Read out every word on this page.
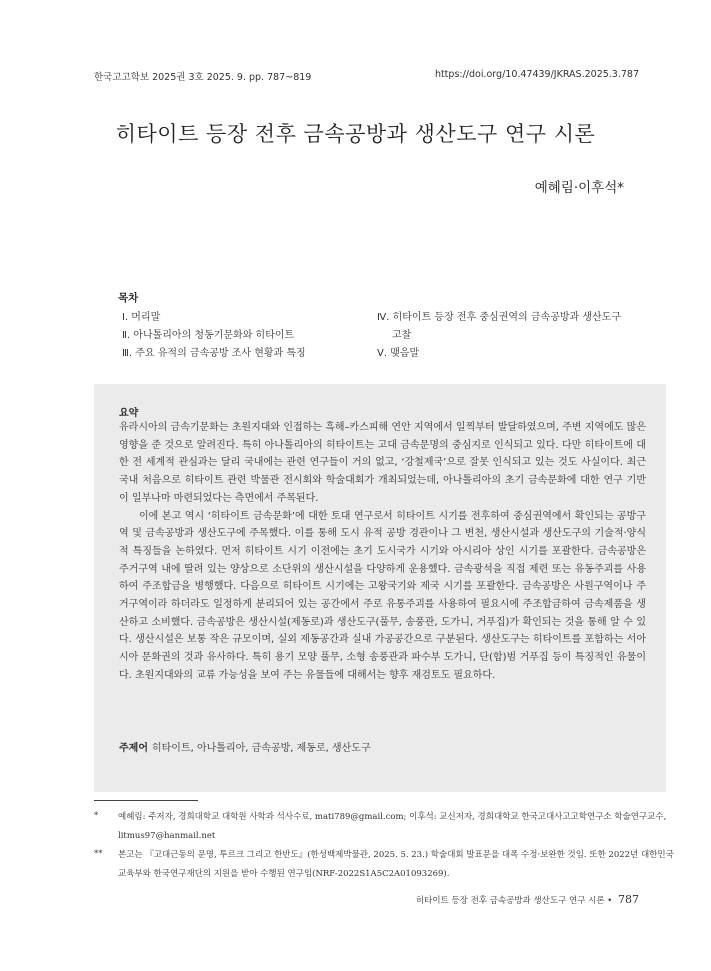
한국고고학보 2025권 3호 2025. 9. pp. 787~819	https://doi.org/10.47439/JKRAS.2025.3.787
히타이트 등장 전후 금속공방과 생산도구 연구 시론
예혜림·이후석*
목차
Ⅰ. 머리말
Ⅱ. 아나톨리아의 청동기문화와 히타이트
Ⅲ. 주요 유적의 금속공방 조사 현황과 특징
Ⅳ. 히타이트 등장 전후 중심권역의 금속공방과 생산도구
고찰
Ⅴ. 맺음말
요약

유라시아의 금속기문화는 초원지대와 인접하는 흑해–카스피해 연안 지역에서 일찍부터 발달하였으며, 주변 지역에도 많은 영향을 준 것으로 알려진다. 특히 아나톨리아의 히타이트는 고대 금속문명의 중심지로 인식되고 있다. 다만 히타이트에 대한 전 세계적 관심과는 달리 국내에는 관련 연구들이 거의 없고, ‘강철제국’으로 잘못 인식되고 있는 것도 사실이다. 최근 국내 처음으로 히타이트 관련 박물관 전시회와 학술대회가 개최되었는데, 아나톨리아의 초기 금속문화에 대한 연구 기반이 일부나마 마련되었다는 측면에서 주목된다.

이에 본고 역시 ‘히타이트 금속문화’에 대한 토대 연구로서 히타이트 시기를 전후하여 중심권역에서 확인되는 공방구역 및 금속공방과 생산도구에 주목했다. 이를 통해 도시 유적 공방 경관이나 그 변천, 생산시설과 생산도구의 기술적·양식적 특징들을 논하였다. 먼저 히타이트 시기 이전에는 초기 도시국가 시기와 아시리아 상인 시기를 포괄한다. 금속공방은 주거구역 내에 딸려 있는 양상으로 소단위의 생산시설을 다양하게 운용했다. 금속광석을 직접 제련 또는 유동주괴를 사용하여 주조합금을 병행했다. 다음으로 히타이트 시기에는 고왕국기와 제국 시기를 포괄한다. 금속공방은 사원구역이나 주거구역이라 하더라도 일정하게 분리되어 있는 공간에서 주로 유통주괴를 사용하여 필요시에 주조합금하여 금속제품을 생산하고 소비했다. 금속공방은 생산시설(제동로)과 생산도구(풀무, 송풍관, 도가니, 거푸집)가 확인되는 것을 통해 알 수 있다. 생산시설은 보통 작은 규모이며, 실외 제동공간과 실내 가공공간으로 구분된다. 생산도구는 히타이트를 포함하는 서아시아 문화권의 것과 유사하다. 특히 용기 모양 풀무, 소형 송풍관과 파수부 도가니, 단(합)범 거푸집 등이 특징적인 유물이다. 초원지대와의 교류 가능성을 보여 주는 유물들에 대해서는 향후 재검토도 필요하다.

주제어 히타이트, 아나톨리아, 금속공방, 제동로, 생산도구
* 예혜림: 주저자, 경희대학교 대학원 사학과 석사수료, mati789@gmail.com; 이후석: 교신저자, 경희대학교 한국고대사고고학연구소 학술연구교수, litmus97@hanmail.net
** 본고는 『고대근동의 문명, 투르크 그리고 한반도』(한성백제박물관, 2025. 5. 23.) 학술대회 발표문을 대폭 수정·보완한 것임. 또한 2022년 대한민국 교육부와 한국연구재단의 지원을 받아 수행된 연구임(NRF-2022S1A5C2A01093269).
히타이트 등장 전후 금속공방과 생산도구 연구 시론 • 787
